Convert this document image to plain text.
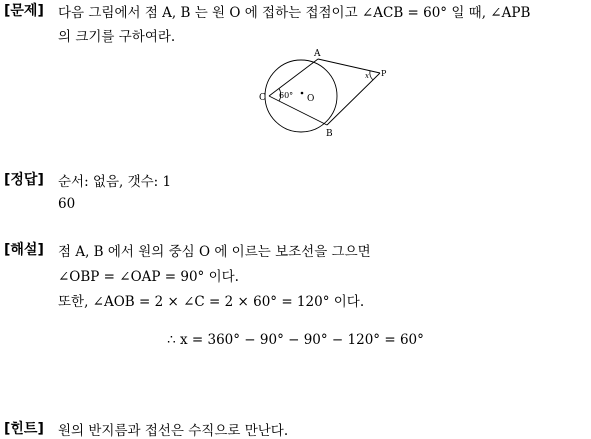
[문제] 다음 그림에서 점 A, B 는 원 O 에 접하는 접점이고 ∠ACB = 60° 일 때, ∠APB
의 크기를 구하여라.
A
B
C	O
P
60°
x
[정답] 순서: 없음, 갯수: 1
60
[해설] 점 A, B 에서 원의 중심 O 에 이르는 보조선을 그으면
∠OBP = ∠OAP = 90° 이다.
또한, ∠AOB = 2 × ∠C = 2 × 60° = 120° 이다.
∴ x = 360° − 90° − 90° − 120° = 60°
[힌트] 원의 반지름과 접선은 수직으로 만난다.
